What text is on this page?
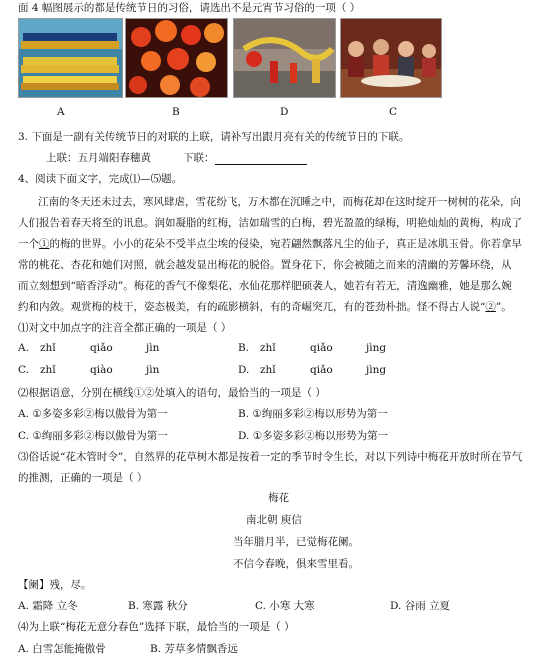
面 4 幅图展示的都是传统节日的习俗，请选出不是元宵节习俗的一项（ ）
A	B	D	C
3. 下面是一副有关传统节日的对联的上联，请补写出跟月亮有关的传统节日的下联。
上联：五月端阳春穗黄	下联：
4、阅读下面文字，完成⑴—⑸题。
江南的冬天还未过去，寒风肆虐，雪花纷飞，万木都在沉睡之中，而梅花却在这时绽开一树树的花朵，向
人们报告着春天将至的讯息。润如凝脂的红梅，洁如瑞雪的白梅，碧光盈盈的绿梅，明艳灿灿的黄梅，构成了
一个①的梅的世界。小小的花朵不受半点尘埃的侵染，宛若翩然飘落凡尘的仙子，真正是冰肌玉骨。你若拿早
常的桃花、杏花和她们对照，就会越发显出梅花的脱俗。置身花下，你会被随之而来的清幽的芳馨环绕，从
而立刻想到“暗香浮动”。梅花的香气不像梨花、水仙花那样肥硕袭人，她若有若无，清逸幽雅，她是那么婉
约和内敛。观赏梅的枝干，姿态极美，有的疏影横斜，有的奇崛突兀，有的苍劲朴拙。怪不得古人说“②”。
⑴对文中加点字的注音全都正确的一项是（ ）
A. zhǐ	qiǎo	jìn	B. zhǐ	qiǎo	jìng
C. zhǐ	qiào	jìn	D. zhǐ	qiǎo	jìng
⑵根据语意，分别在横线①②处填入的语句，最恰当的一项是（ ）
A. ①多姿多彩②梅以傲骨为第一	B. ①绚丽多彩②梅以形势为第一
C. ①绚丽多彩②梅以傲骨为第一	D. ①多姿多彩②梅以形势为第一
⑶俗话说“花木管时令”，自然界的花草树木都是按着一定的季节时令生长，对以下列诗中梅花开放时所在节气
的推测，正确的一项是（ ）
梅花
南北朝 庾信
当年腊月半，已觉梅花阑。
不信今春晚，俱来雪里看。
【阑】残，尽。
A. 霜降 立冬	B. 寒露 秋分	C. 小寒 大寒	D. 谷雨 立夏
⑷为上联“梅花无意分春色”选择下联，最恰当的一项是（ ）
A. 白雪怎能掩傲骨	B. 芳草多情飘香远
